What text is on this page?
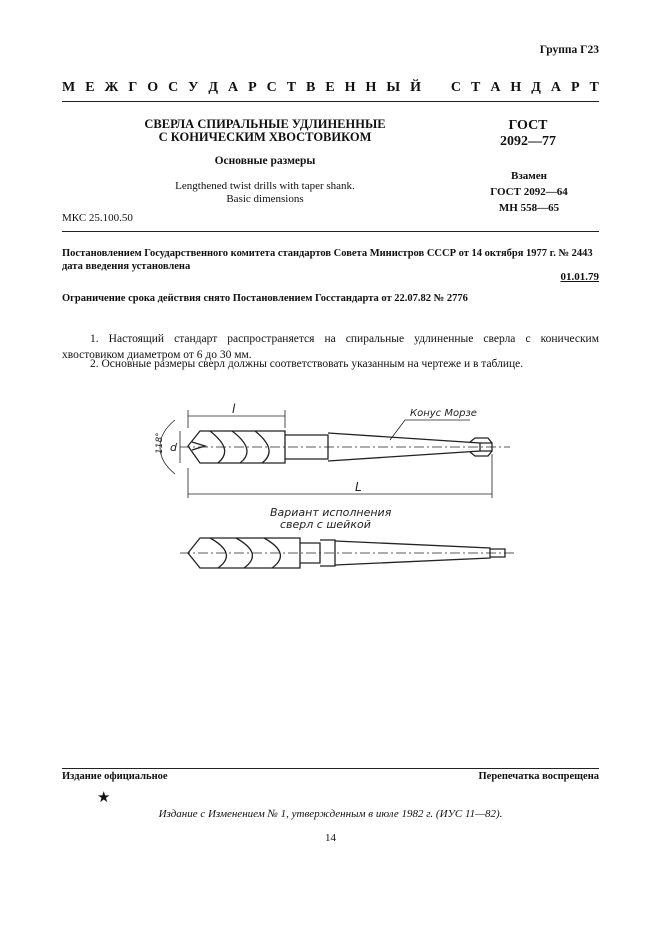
Группа Г23
М Е Ж Г О С У Д А Р С Т В Е Н Н Ы Й С Т А Н Д А Р Т
СВЕРЛА СПИРАЛЬНЫЕ УДЛИНЕННЫЕ
С КОНИЧЕСКИМ ХВОСТОВИКОМ
Основные размеры
Lengthened twist drills with taper shank.
Basic dimensions
ГОСТ
2092—77
Взамен
ГОСТ 2092—64
МН 558—65
МКС 25.100.50
Постановлением Государственного комитета стандартов Совета Министров СССР от 14 октября 1977 г. № 2443
дата введения установлена
01.01.79
Ограничение срока действия снято Постановлением Госстандарта от 22.07.82 № 2776
1. Настоящий стандарт распространяется на спиральные удлиненные сверла с коническим хвостовиком диаметром от 6 до 30 мм.
2. Основные размеры сверл должны соответствовать указанным на чертеже и в таблице.
l
L
d
118°
Конус Морзе
Вариант исполнения
сверл с шейкой
Издание официальное	Перепечатка воспрещена
★
Издание с Изменением № 1, утвержденным в июле 1982 г. (ИУС 11—82).
14
